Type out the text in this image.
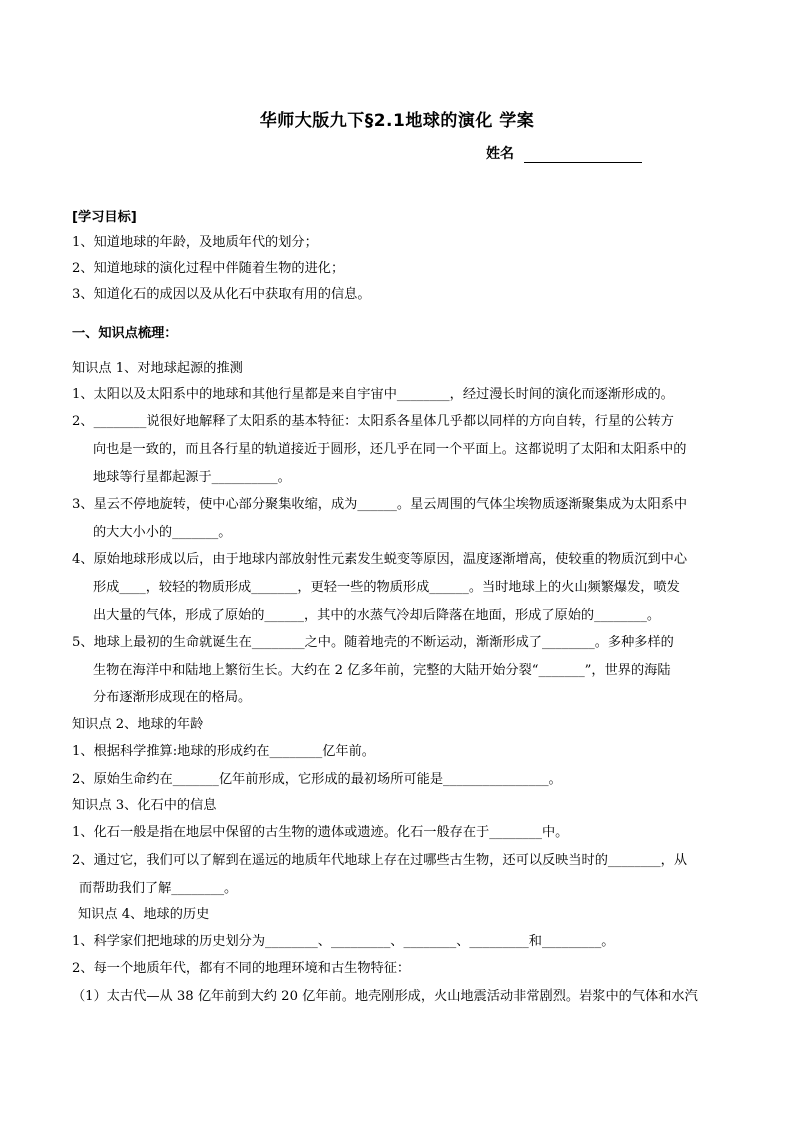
华师大版九下§2.1地球的演化 学案
姓名
[学习目标]
1、知道地球的年龄，及地质年代的划分；
2、知道地球的演化过程中伴随着生物的进化；
3、知道化石的成因以及从化石中获取有用的信息。
一、知识点梳理：
知识点 1、对地球起源的推测
1、太阳以及太阳系中的地球和其他行星都是来自宇宙中________，经过漫长时间的演化而逐渐形成的。
2、________说很好地解释了太阳系的基本特征：太阳系各星体几乎都以同样的方向自转，行星的公转方
向也是一致的，而且各行星的轨道接近于圆形，还几乎在同一个平面上。这都说明了太阳和太阳系中的
地球等行星都起源于__________。
3、星云不停地旋转，使中心部分聚集收缩，成为______。星云周围的气体尘埃物质逐渐聚集成为太阳系中
的大大小小的_______。
4、原始地球形成以后，由于地球内部放射性元素发生蜕变等原因，温度逐渐增高，使较重的物质沉到中心
形成____，较轻的物质形成_______，更轻一些的物质形成______。当时地球上的火山频繁爆发，喷发
出大量的气体，形成了原始的______，其中的水蒸气冷却后降落在地面，形成了原始的________。
5、地球上最初的生命就诞生在________之中。随着地壳的不断运动，渐渐形成了________。多种多样的
生物在海洋中和陆地上繁衍生长。大约在 2 亿多年前，完整的大陆开始分裂“_______”，世界的海陆
分布逐渐形成现在的格局。
知识点 2、地球的年龄
1、根据科学推算:地球的形成约在________亿年前。
2、原始生命约在_______亿年前形成，它形成的最初场所可能是________________。
知识点 3、化石中的信息
1、化石一般是指在地层中保留的古生物的遗体或遗迹。化石一般存在于________中。
2、通过它，我们可以了解到在遥远的地质年代地球上存在过哪些古生物，还可以反映当时的________，从
而帮助我们了解________。
知识点 4、地球的历史
1、科学家们把地球的历史划分为________、_________、________、_________和_________。
2、每一个地质年代，都有不同的地理环境和古生物特征：
（1）太古代—从 38 亿年前到大约 20 亿年前。地壳刚形成，火山地震活动非常剧烈。岩浆中的气体和水汽
